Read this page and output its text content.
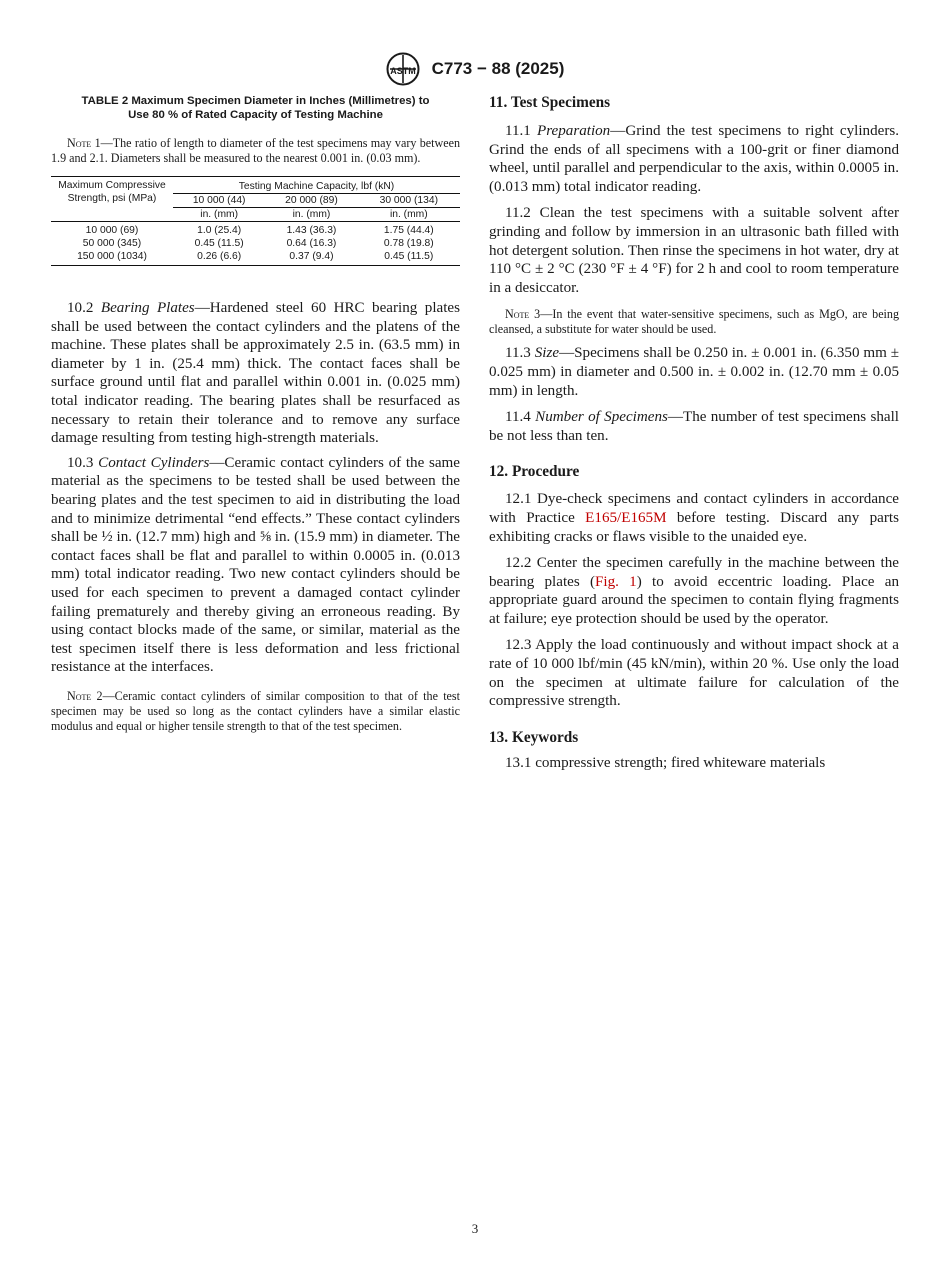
ASTM C773 − 88 (2025)
TABLE 2 Maximum Specimen Diameter in Inches (Millimetres) to
Use 80 % of Rated Capacity of Testing Machine

Note 1—The ratio of length to diameter of the test specimens may vary between 1.9 and 2.1. Diameters shall be measured to the nearest 0.001 in. (0.03 mm).

Maximum Compressive
Strength, psi (MPa)	Testing Machine Capacity, lbf (kN)		
	10 000 (44)	20 000 (89)	30 000 (134)
	in. (mm)	in. (mm)	in. (mm)
10 000 (69)	1.0 (25.4)	1.43 (36.3)	1.75 (44.4)
50 000 (345)	0.45 (11.5)	0.64 (16.3)	0.78 (19.8)
150 000 (1034)	0.26 (6.6)	0.37 (9.4)	0.45 (11.5)

10.2 Bearing Plates—Hardened steel 60 HRC bearing plates shall be used between the contact cylinders and the platens of the machine. These plates shall be approximately 2.5 in. (63.5 mm) in diameter by 1 in. (25.4 mm) thick. The contact faces shall be surface ground until flat and parallel within 0.001 in. (0.025 mm) total indicator reading. The bearing plates shall be resurfaced as necessary to retain their tolerance and to remove any surface damage resulting from testing high-strength materials.

10.3 Contact Cylinders—Ceramic contact cylinders of the same material as the specimens to be tested shall be used between the bearing plates and the test specimen to aid in distributing the load and to minimize detrimental “end effects.” These contact cylinders shall be ½ in. (12.7 mm) high and ⅝ in. (15.9 mm) in diameter. The contact faces shall be flat and parallel to within 0.0005 in. (0.013 mm) total indicator reading. Two new contact cylinders should be used for each specimen to prevent a damaged contact cylinder failing prematurely and thereby giving an erroneous reading. By using contact blocks made of the same, or similar, material as the test specimen itself there is less deformation and less frictional resistance at the interfaces.

Note 2—Ceramic contact cylinders of similar composition to that of the test specimen may be used so long as the contact cylinders have a similar elastic modulus and equal or higher tensile strength to that of the test specimen.

11. Test Specimens

11.1 Preparation—Grind the test specimens to right cylinders. Grind the ends of all specimens with a 100-grit or finer diamond wheel, until parallel and perpendicular to the axis, within 0.0005 in. (0.013 mm) total indicator reading.

11.2 Clean the test specimens with a suitable solvent after grinding and follow by immersion in an ultrasonic bath filled with hot detergent solution. Then rinse the specimens in hot water, dry at 110 °C ± 2 °C (230 °F ± 4 °F) for 2 h and cool to room temperature in a desiccator.

Note 3—In the event that water-sensitive specimens, such as MgO, are being cleansed, a substitute for water should be used.

11.3 Size—Specimens shall be 0.250 in. ± 0.001 in. (6.350 mm ± 0.025 mm) in diameter and 0.500 in. ± 0.002 in. (12.70 mm ± 0.05 mm) in length.

11.4 Number of Specimens—The number of test specimens shall be not less than ten.

12. Procedure

12.1 Dye-check specimens and contact cylinders in accordance with Practice E165/E165M before testing. Discard any parts exhibiting cracks or flaws visible to the unaided eye.

12.2 Center the specimen carefully in the machine between the bearing plates (Fig. 1) to avoid eccentric loading. Place an appropriate guard around the specimen to contain flying fragments at failure; eye protection should be used by the operator.

12.3 Apply the load continuously and without impact shock at a rate of 10 000 lbf/min (45 kN/min), within 20 %. Use only the load on the specimen at ultimate failure for calculation of the compressive strength.

13. Keywords

13.1 compressive strength; fired whiteware materials

3
